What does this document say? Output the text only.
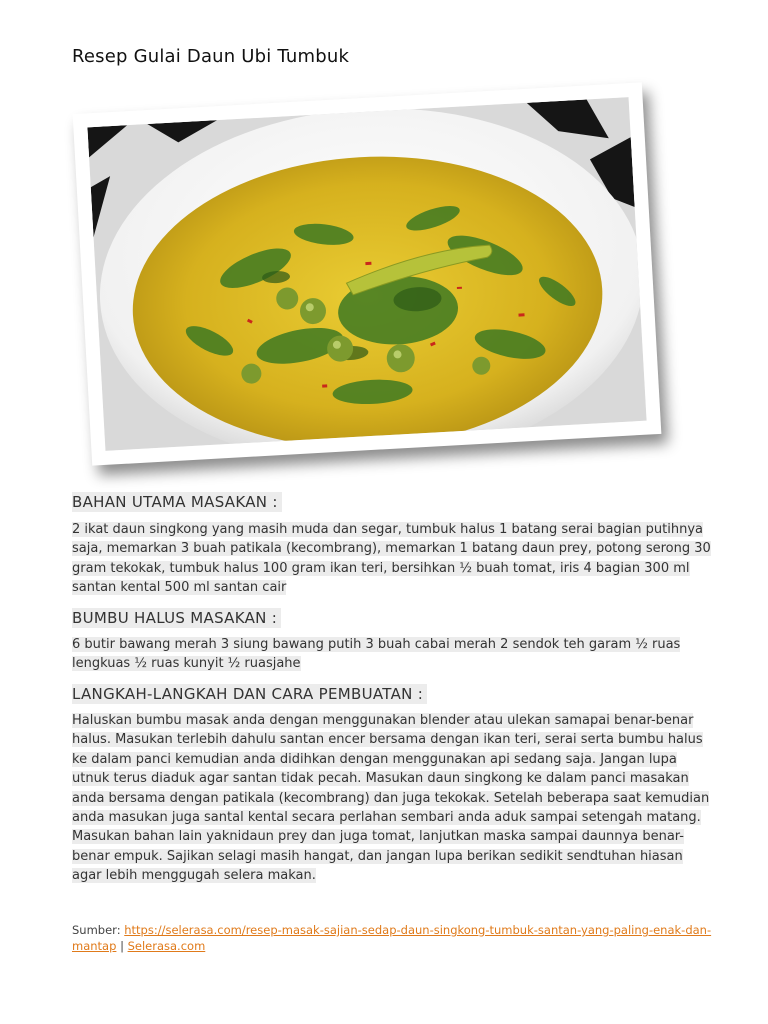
Resep Gulai Daun Ubi Tumbuk
BAHAN UTAMA MASAKAN :
2 ikat daun singkong yang masih muda dan segar, tumbuk halus 1 batang serai bagian putihnya saja, memarkan 3 buah patikala (kecombrang), memarkan 1 batang daun prey, potong serong 30 gram tekokak, tumbuk halus 100 gram ikan teri, bersihkan ½ buah tomat, iris 4 bagian 300 ml santan kental 500 ml santan cair
BUMBU HALUS MASAKAN :
6 butir bawang merah 3 siung bawang putih 3 buah cabai merah 2 sendok teh garam ½ ruas lengkuas ½ ruas kunyit ½ ruasjahe
LANGKAH-LANGKAH DAN CARA PEMBUATAN :
Haluskan bumbu masak anda dengan menggunakan blender atau ulekan samapai benar-benar halus. Masukan terlebih dahulu santan encer bersama dengan ikan teri, serai serta bumbu halus ke dalam panci kemudian anda didihkan dengan menggunakan api sedang saja. Jangan lupa utnuk terus diaduk agar santan tidak pecah. Masukan daun singkong ke dalam panci masakan anda bersama dengan patikala (kecombrang) dan juga tekokak. Setelah beberapa saat kemudian anda masukan juga santal kental secara perlahan sembari anda aduk sampai setengah matang. Masukan bahan lain yaknidaun prey dan juga tomat, lanjutkan maska sampai daunnya benar-benar empuk. Sajikan selagi masih hangat, dan jangan lupa berikan sedikit sendtuhan hiasan agar lebih menggugah selera makan.
Sumber: https://selerasa.com/resep-masak-sajian-sedap-daun-singkong-tumbuk-santan-yang-paling-enak-dan-mantap | Selerasa.com
